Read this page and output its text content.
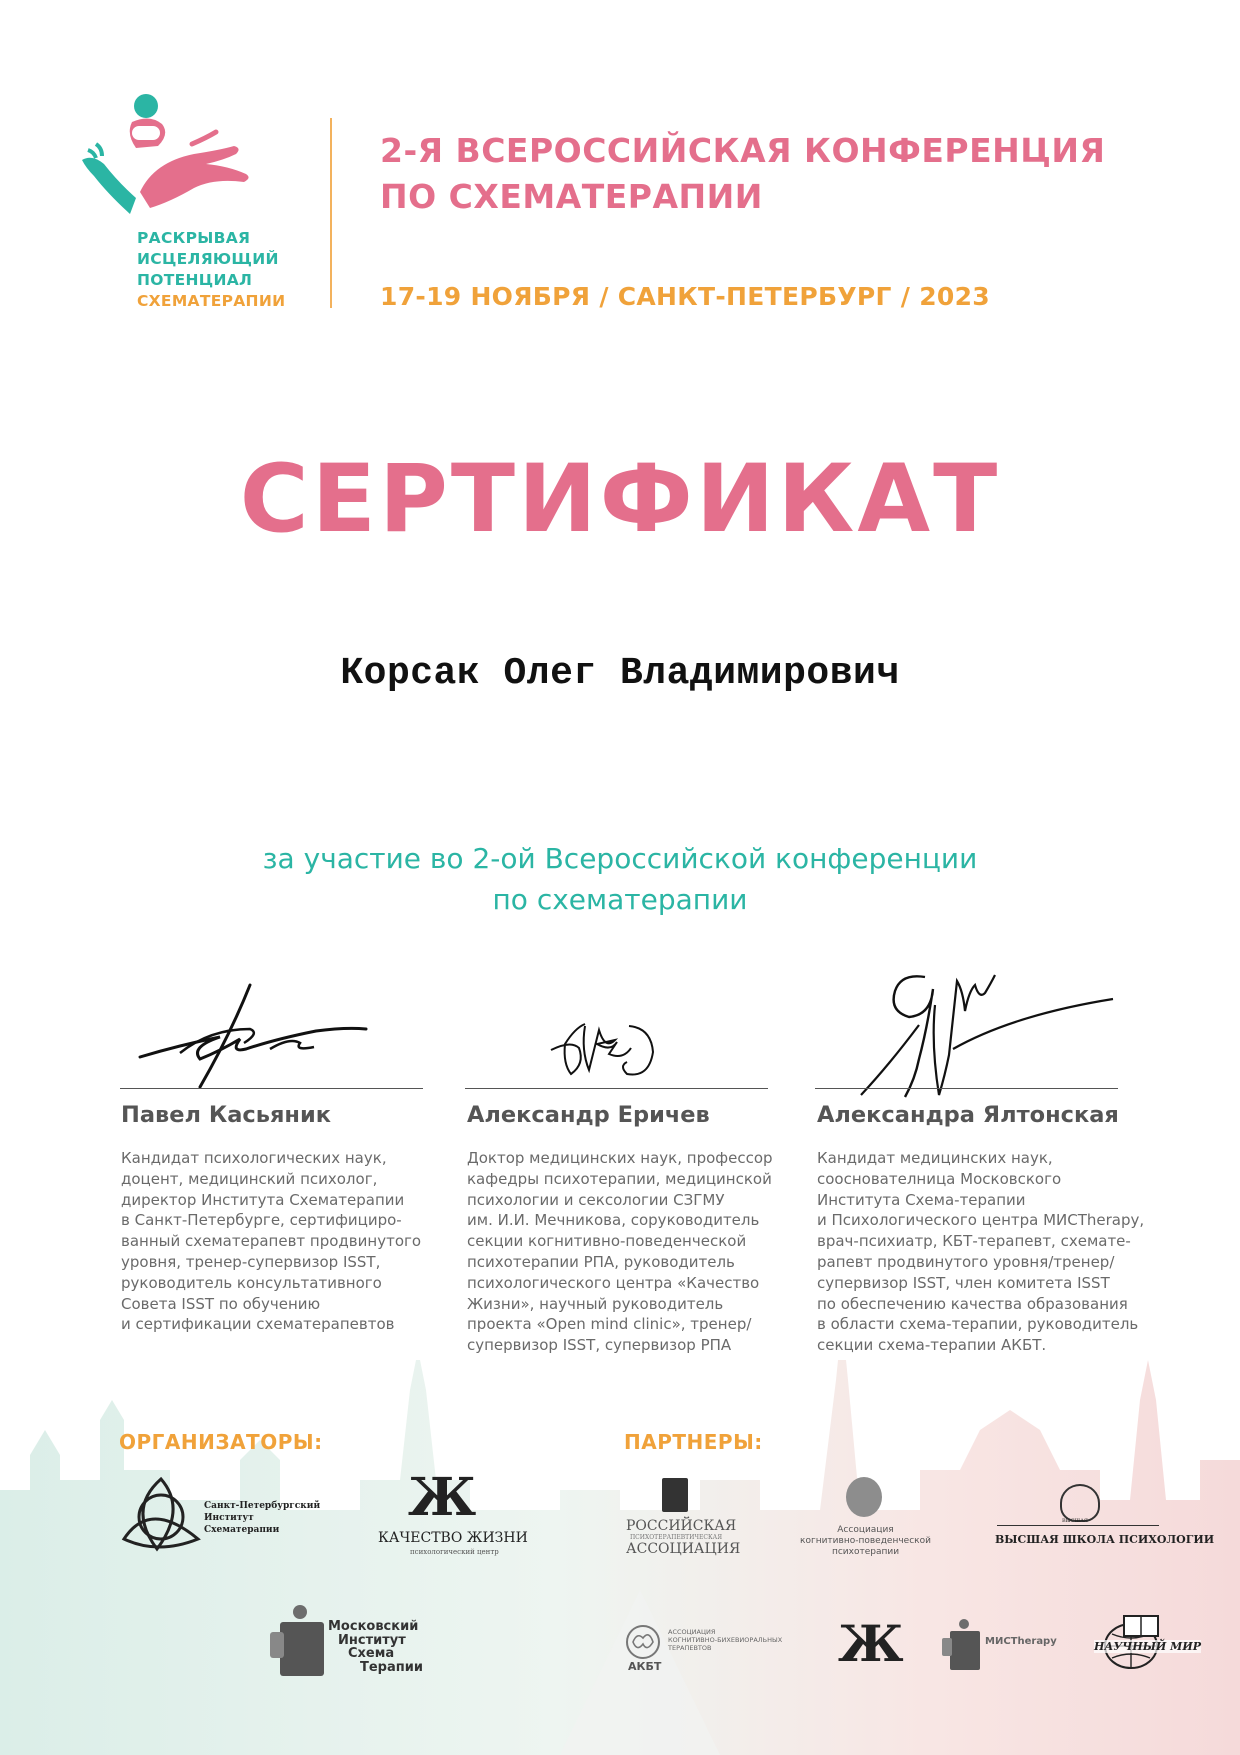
РАСКРЫВАЯ
ИСЦЕЛЯЮЩИЙ
ПОТЕНЦИАЛ
СХЕМАТЕРАПИИ
2-Я ВСЕРОССИЙСКАЯ КОНФЕРЕНЦИЯ
ПО СХЕМАТЕРАПИИ
17-19 НОЯБРЯ / САНКТ-ПЕТЕРБУРГ / 2023
СЕРТИФИКАТ
Корсак Олег Владимирович
за участие во 2-ой Всероссийской конференции
по схематерапии
Павел Касьяник
Кандидат психологических наук,
доцент, медицинский психолог,
директор Института Схематерапии
в Санкт-Петербурге, сертифициро-
ванный схематерапевт продвинутого
уровня, тренер-супервизор ISST,
руководитель консультативного
Совета ISST по обучению
и сертификации схематерапевтов
Александр Еричев
Доктор медицинских наук, профессор
кафедры психотерапии, медицинской
психологии и сексологии СЗГМУ
им. И.И. Мечникова, соруководитель
секции когнитивно-поведенческой
психотерапии РПА, руководитель
психологического центра «Качество
Жизни», научный руководитель
проекта «Open mind clinic», тренер/
супервизор ISST, супервизор РПА
Александра Ялтонская
Кандидат медицинских наук,
сооснователница Московского
Института Схема-терапии
и Психологического центра МИСTherapy,
врач-психиатр, КБТ-терапевт, схемате-
рапевт продвинутого уровня/тренер/
супервизор ISST, член комитета ISST
по обеспечению качества образования
в области схема-терапии, руководитель
секции схема-терапии АКБТ.
ОРГАНИЗАТОРЫ:	ПАРТНЕРЫ:
Санкт-Петербургский
Институт
Схематерапии
Ж
КАЧЕСТВО ЖИЗНИ
психологический центр
РОССИЙСКАЯ
ПСИХОТЕРАПЕВТИЧЕСКАЯ
АССОЦИАЦИЯ
Ассоциация
когнитивно-поведенческой
психотерапии
ВЫСШАЯ
ВЫСШАЯ ШКОЛА ПСИХОЛОГИИ
Московский
Институт
Схема
Терапии
АССОЦИАЦИЯ
КОГНИТИВНО-БИХЕВИОРАЛЬНЫХ
ТЕРАПЕВТОВ
АКБТ	Ж	МИСTherapy	НАУЧНЫЙ МИР
